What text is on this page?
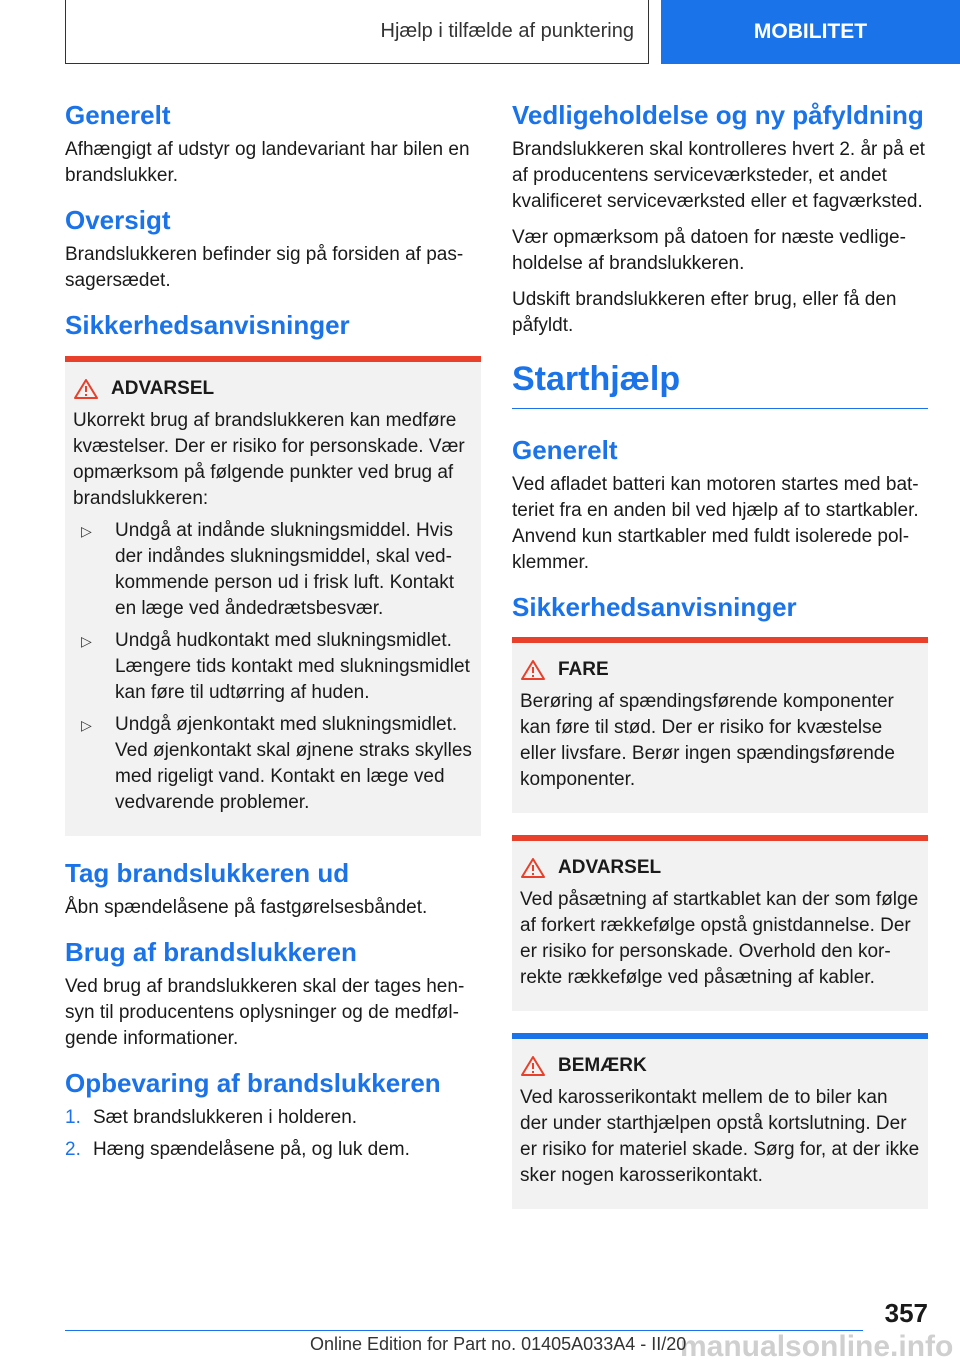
Hjælp i tilfælde af punktering	MOBILITET
Generelt

Afhængigt af udstyr og landevariant har bilen en brandslukker.

Oversigt

Brandslukkeren befinder sig på forsiden af passagersædet.

Sikkerhedsanvisninger
ADVARSEL

Ukorrekt brug af brandslukkeren kan medføre kvæstelser. Der er risiko for personskade. Vær opmærksom på følgende punkter ved brug af brandslukkeren:

▷	Undgå at indånde slukningsmiddel. Hvis der indåndes slukningsmiddel, skal vedkommende person ud i frisk luft. Kontakt en læge ved åndedrætsbesvær.
▷	Undgå hudkontakt med slukningsmidlet. Længere tids kontakt med slukningsmidlet kan føre til udtørring af huden.
▷	Undgå øjenkontakt med slukningsmidlet. Ved øjenkontakt skal øjnene straks skylles med rigeligt vand. Kontakt en læge ved vedvarende problemer.
Tag brandslukkeren ud

Åbn spændelåsene på fastgørelsesbåndet.

Brug af brandslukkeren

Ved brug af brandslukkeren skal der tages hensyn til producentens oplysninger og de medfølgende informationer.

Opbevaring af brandslukkeren
1. Sæt brandslukkeren i holderen.
2. Hæng spændelåsene på, og luk dem.
Vedligeholdelse og ny påfyldning

Brandslukkeren skal kontrolleres hvert 2. år på et af producentens serviceværksteder, et andet kvalificeret serviceværksted eller et fagværksted.

Vær opmærksom på datoen for næste vedligeholdelse af brandslukkeren.

Udskift brandslukkeren efter brug, eller få den påfyldt.

Starthjælp
Generelt

Ved afladet batteri kan motoren startes med batteriet fra en anden bil ved hjælp af to startkabler. Anvend kun startkabler med fuldt isolerede polklemmer.

Sikkerhedsanvisninger
FARE

Berøring af spændingsførende komponenter kan føre til stød. Der er risiko for kvæstelse eller livsfare. Berør ingen spændingsførende komponenter.

ADVARSEL

Ved påsætning af startkablet kan der som følge af forkert rækkefølge opstå gnistdannelse. Der er risiko for personskade. Overhold den korrekte rækkefølge ved påsætning af kabler.

BEMÆRK

Ved karosserikontakt mellem de to biler kan der under starthjælpen opstå kortslutning. Der er risiko for materiel skade. Sørg for, at der ikke sker nogen karosserikontakt.

357
manualsonline.info
Online Edition for Part no. 01405A033A4 - II/20
